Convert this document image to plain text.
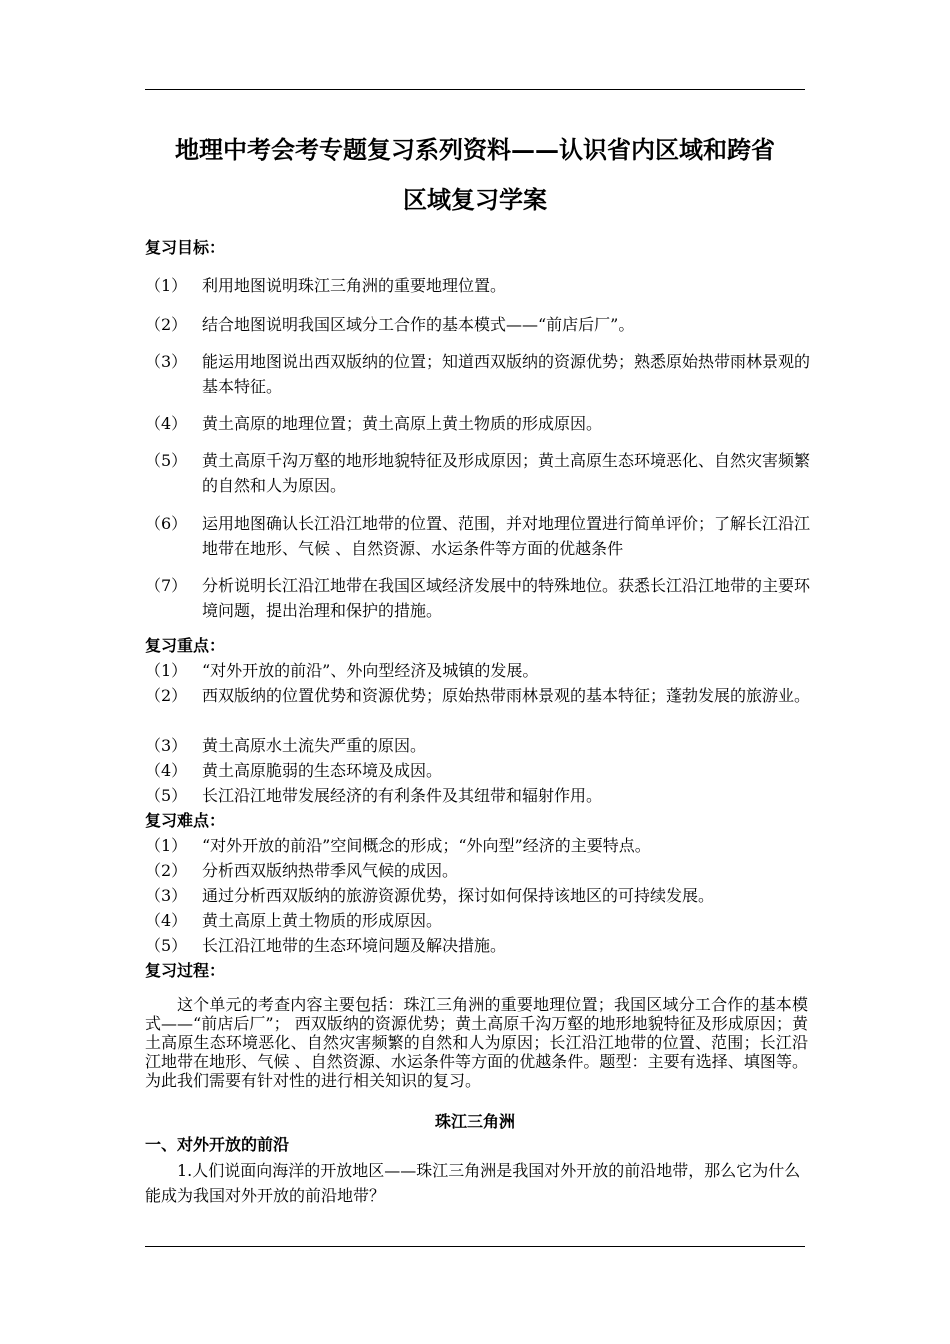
地理中考会考专题复习系列资料——认识省内区域和跨省
区域复习学案
复习目标：
（1） 利用地图说明珠江三角洲的重要地理位置。
（2） 结合地图说明我国区域分工合作的基本模式——“前店后厂”。
（3） 能运用地图说出西双版纳的位置；知道西双版纳的资源优势；熟悉原始热带雨林景观的基本特征。
（4） 黄土高原的地理位置；黄土高原上黄土物质的形成原因。
（5） 黄土高原千沟万壑的地形地貌特征及形成原因；黄土高原生态环境恶化、自然灾害频繁的自然和人为原因。
（6） 运用地图确认长江沿江地带的位置、范围，并对地理位置进行简单评价；了解长江沿江地带在地形、气候 、自然资源、水运条件等方面的优越条件
（7） 分析说明长江沿江地带在我国区域经济发展中的特殊地位。获悉长江沿江地带的主要环境问题，提出治理和保护的措施。
复习重点：
（1） “对外开放的前沿”、外向型经济及城镇的发展。
（2） 西双版纳的位置优势和资源优势；原始热带雨林景观的基本特征；蓬勃发展的旅游业。
（3） 黄土高原水土流失严重的原因。
（4） 黄土高原脆弱的生态环境及成因。
（5） 长江沿江地带发展经济的有利条件及其纽带和辐射作用。
复习难点：
（1） “对外开放的前沿”空间概念的形成；“外向型”经济的主要特点。
（2） 分析西双版纳热带季风气候的成因。
（3） 通过分析西双版纳的旅游资源优势，探讨如何保持该地区的可持续发展。
（4） 黄土高原上黄土物质的形成原因。
（5） 长江沿江地带的生态环境问题及解决措施。
复习过程：
这个单元的考查内容主要包括：珠江三角洲的重要地理位置；我国区域分工合作的基本模式——“前店后厂”； 西双版纳的资源优势；黄土高原千沟万壑的地形地貌特征及形成原因；黄土高原生态环境恶化、自然灾害频繁的自然和人为原因；长江沿江地带的位置、范围；长江沿江地带在地形、气候 、自然资源、水运条件等方面的优越条件。题型：主要有选择、填图等。为此我们需要有针对性的进行相关知识的复习。
珠江三角洲
一、对外开放的前沿
1.人们说面向海洋的开放地区——珠江三角洲是我国对外开放的前沿地带，那么它为什么能成为我国对外开放的前沿地带？
